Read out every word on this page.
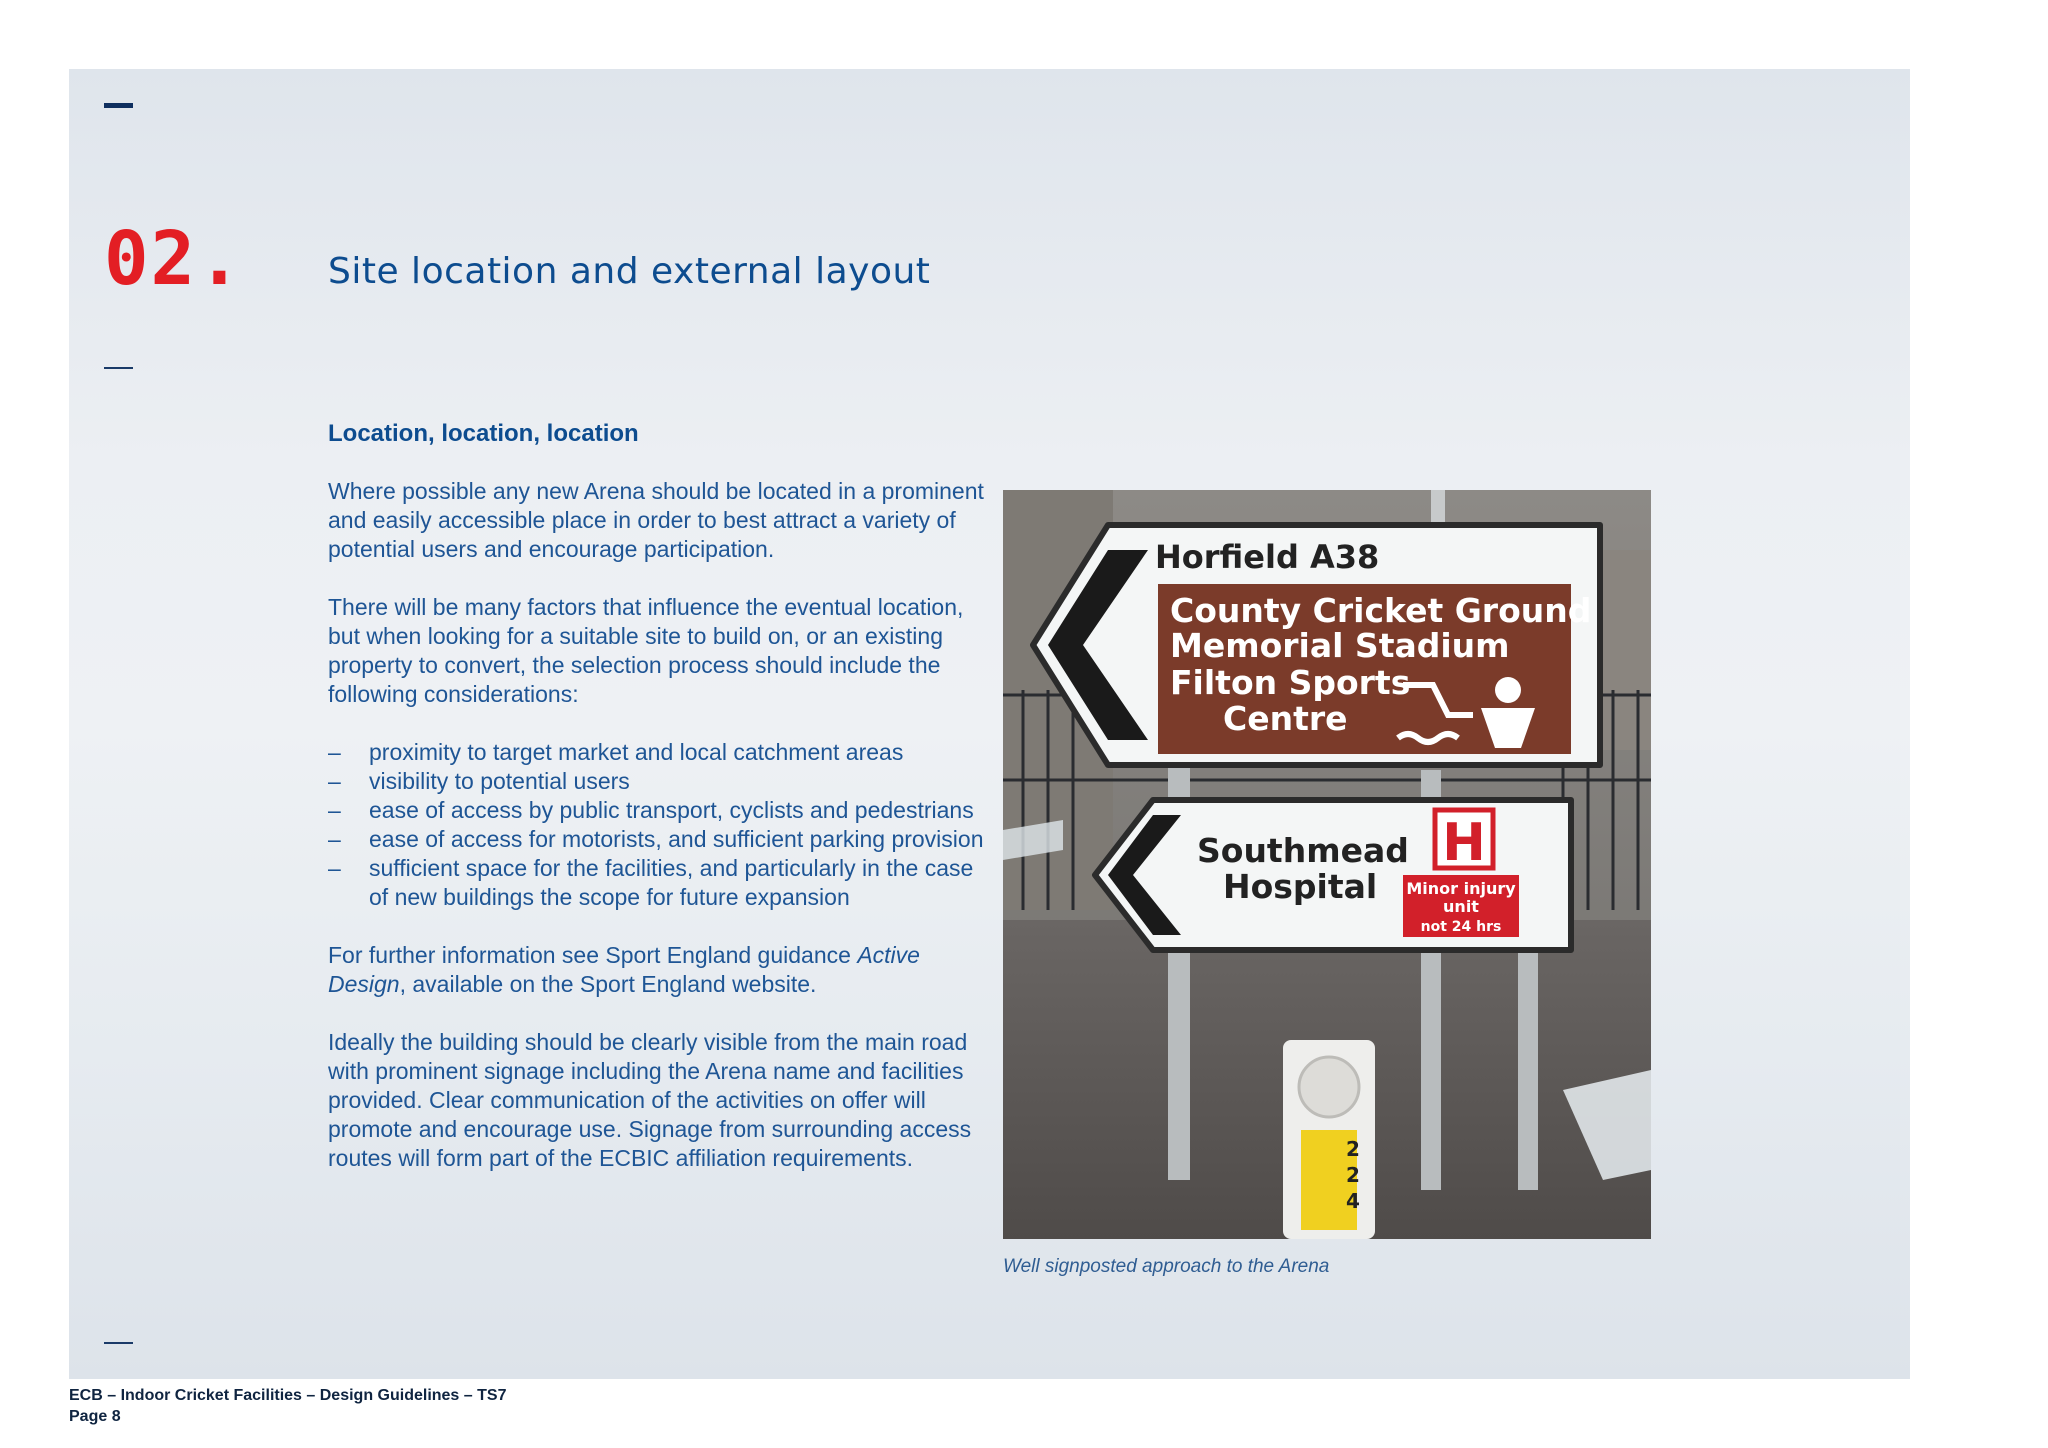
02. Site location and external layout
Location, location, location

Where possible any new Arena should be located in a prominent and easily accessible place in order to best attract a variety of potential users and encourage participation.

There will be many factors that influence the eventual location, but when looking for a suitable site to build on, or an existing property to convert, the selection process should include the following considerations:

– proximity to target market and local catchment areas
– visibility to potential users
– ease of access by public transport, cyclists and pedestrians
– ease of access for motorists, and sufficient parking provision
– sufficient space for the facilities, and particularly in the case of new buildings the scope for future expansion

For further information see Sport England guidance Active Design, available on the Sport England website.

Ideally the building should be clearly visible from the main road with prominent signage including the Arena name and facilities provided. Clear communication of the activities on offer will promote and encourage use. Signage from surrounding access routes will form part of the ECBIC affiliation requirements.

Horfield A38
County Cricket Ground
Memorial Stadium
Filton Sports
Centre
Southmead
Hospital
H
Minor injury
unit
not 24 hrs
2
2
4
Well signposted approach to the Arena
ECB – Indoor Cricket Facilities – Design Guidelines – TS7
Page 8
